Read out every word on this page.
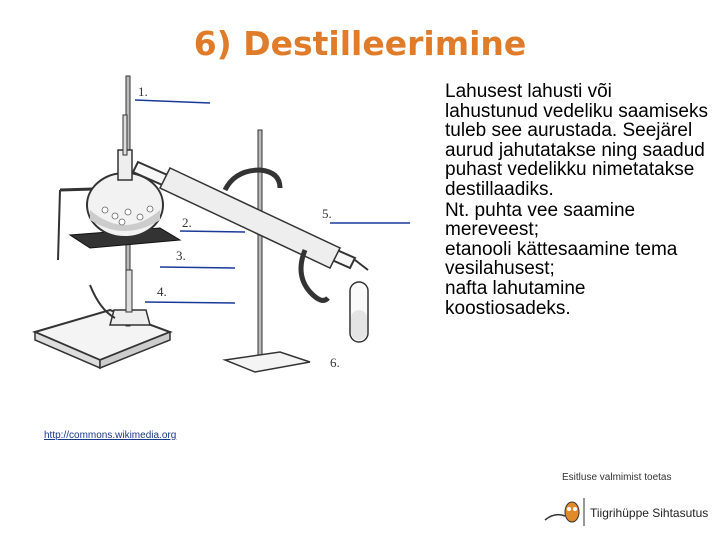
6) Destilleerimine
1.
2.
3.
4.
5.
6.
http://commons.wikimedia.org
Lahusest lahusti või lahustunud vedeliku saamiseks tuleb see aurustada. Seejärel aurud jahutatakse ning saadud puhast vedelikku nimetatakse destillaadiks.
Nt. puhta vee saamine mereveest;
etanooli kättesaamine tema vesilahusest;
nafta lahutamine koostiosadeks.
Esitluse valmimist toetas
Tiigrihüppe Sihtasutus
